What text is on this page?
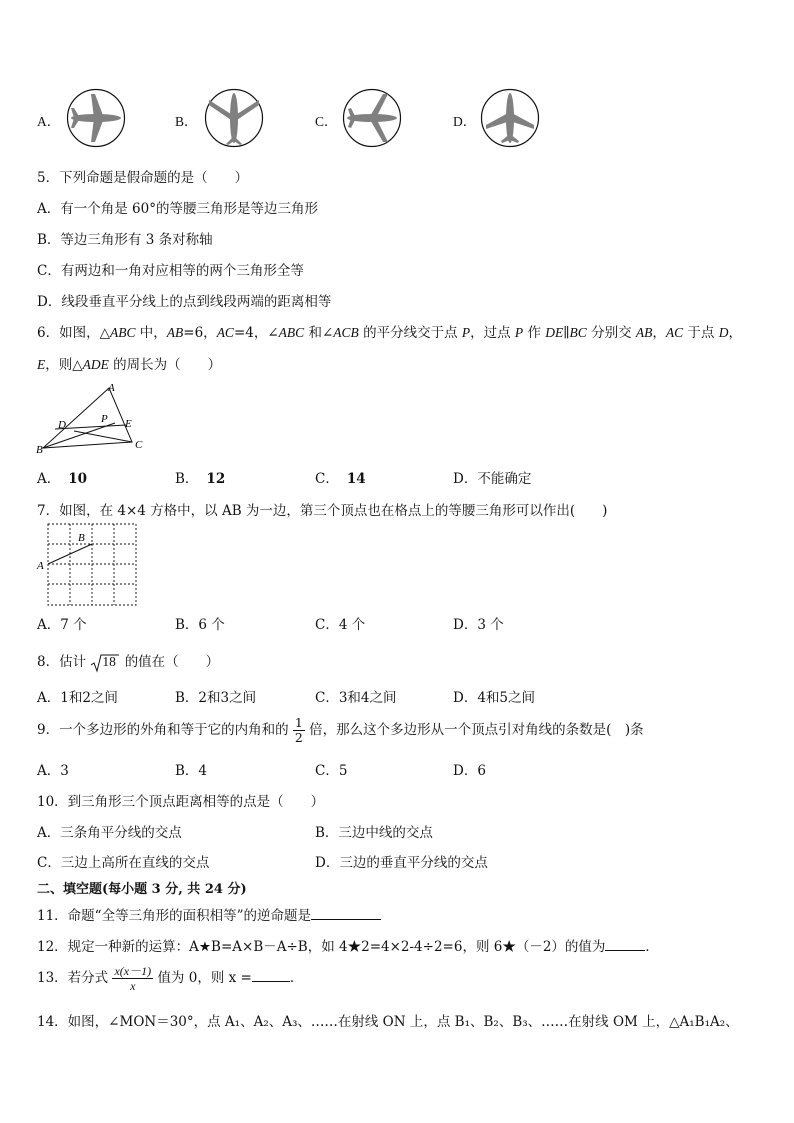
A．	B．	C．	D．
5．下列命题是假命题的是（　　）
A．有一个角是 60°的等腰三角形是等边三角形
B．等边三角形有 3 条对称轴
C．有两边和一角对应相等的两个三角形全等
D．线段垂直平分线上的点到线段两端的距离相等
6．如图，△ABC 中，AB=6，AC=4，∠ABC 和∠ACB 的平分线交于点 P，过点 P 作 DE∥BC 分别交 AB，AC 于点 D，
E，则△ADE 的周长为（　　）
A
B	C
D	E
P
A． 10	B． 12	C． 14	D．不能确定
7．如图，在 4×4 方格中，以 AB 为一边，第三个顶点也在格点上的等腰三角形可以作出(　　)
A
B
A．7 个	B．6 个	C．4 个	D．3 个
8．估计 18 的值在（　　）
A．1和2之间	B．2和3之间	C．3和4之间	D．4和5之间
9．一个多边形的外角和等于它的内角和的 $\frac{1}{2}$ 倍，那么这个多边形从一个顶点引对角线的条数是(　)条
A．3	B．4	C．5	D．6
10．到三角形三个顶点距离相等的点是（　　）
A．三条角平分线的交点	B．三边中线的交点
C．三边上高所在直线的交点	D．三边的垂直平分线的交点
二、填空题(每小题 3 分, 共 24 分)
11．命题“全等三角形的面积相等”的逆命题是
12．规定一种新的运算：A★B=A×B－A÷B，如 4★2=4×2-4÷2=6，则 6★（－2）的值为	．
13．若分式 $\frac{x(x-1)}{x}$ 值为 0，则 x =	．
14．如图，∠MON＝30°，点 A₁、A₂、A₃、……在射线 ON 上，点 B₁、B₂、B₃、……在射线 OM 上，△A₁B₁A₂、
